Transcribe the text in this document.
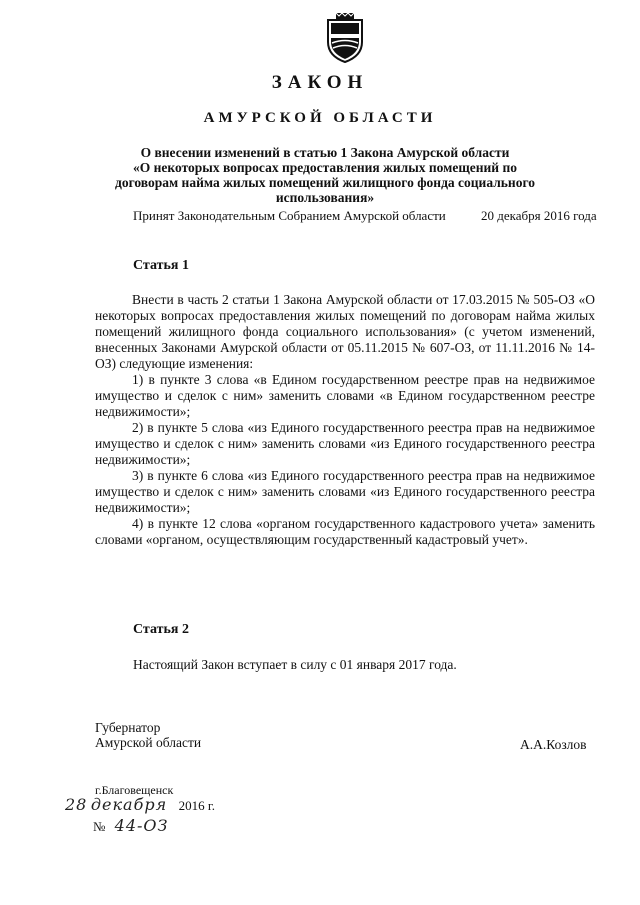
ЗАКОН
АМУРСКОЙ ОБЛАСТИ
О внесении изменений в статью 1 Закона Амурской области
«О некоторых вопросах предоставления жилых помещений по
договорам найма жилых помещений жилищного фонда социального
использования»
Принят Законодательным Собранием Амурской области	20 декабря 2016 года
Статья 1

Внести в часть 2 статьи 1 Закона Амурской области от 17.03.2015 № 505-ОЗ «О некоторых вопросах предоставления жилых помещений по договорам найма жилых помещений жилищного фонда социального использования» (с учетом изменений, внесенных Законами Амурской области от 05.11.2015 № 607-ОЗ, от 11.11.2016 № 14-ОЗ) следующие изменения:

1) в пункте 3 слова «в Едином государственном реестре прав на недвижимое имущество и сделок с ним» заменить словами «в Едином государственном реестре недвижимости»;

2) в пункте 5 слова «из Единого государственного реестра прав на недвижимое имущество и сделок с ним» заменить словами «из Единого государственного реестра недвижимости»;

3) в пункте 6 слова «из Единого государственного реестра прав на недвижимое имущество и сделок с ним» заменить словами «из Единого государственного реестра недвижимости»;

4) в пункте 12 слова «органом государственного кадастрового учета» заменить словами «органом, осуществляющим государственный кадастровый учет».

Статья 2
Настоящий Закон вступает в силу с 01 января 2017 года.
Губернатор
Амурской области	А.А.Козлов
г.Благовещенск
28 декабря 2016 г.
№ 44-ОЗ
